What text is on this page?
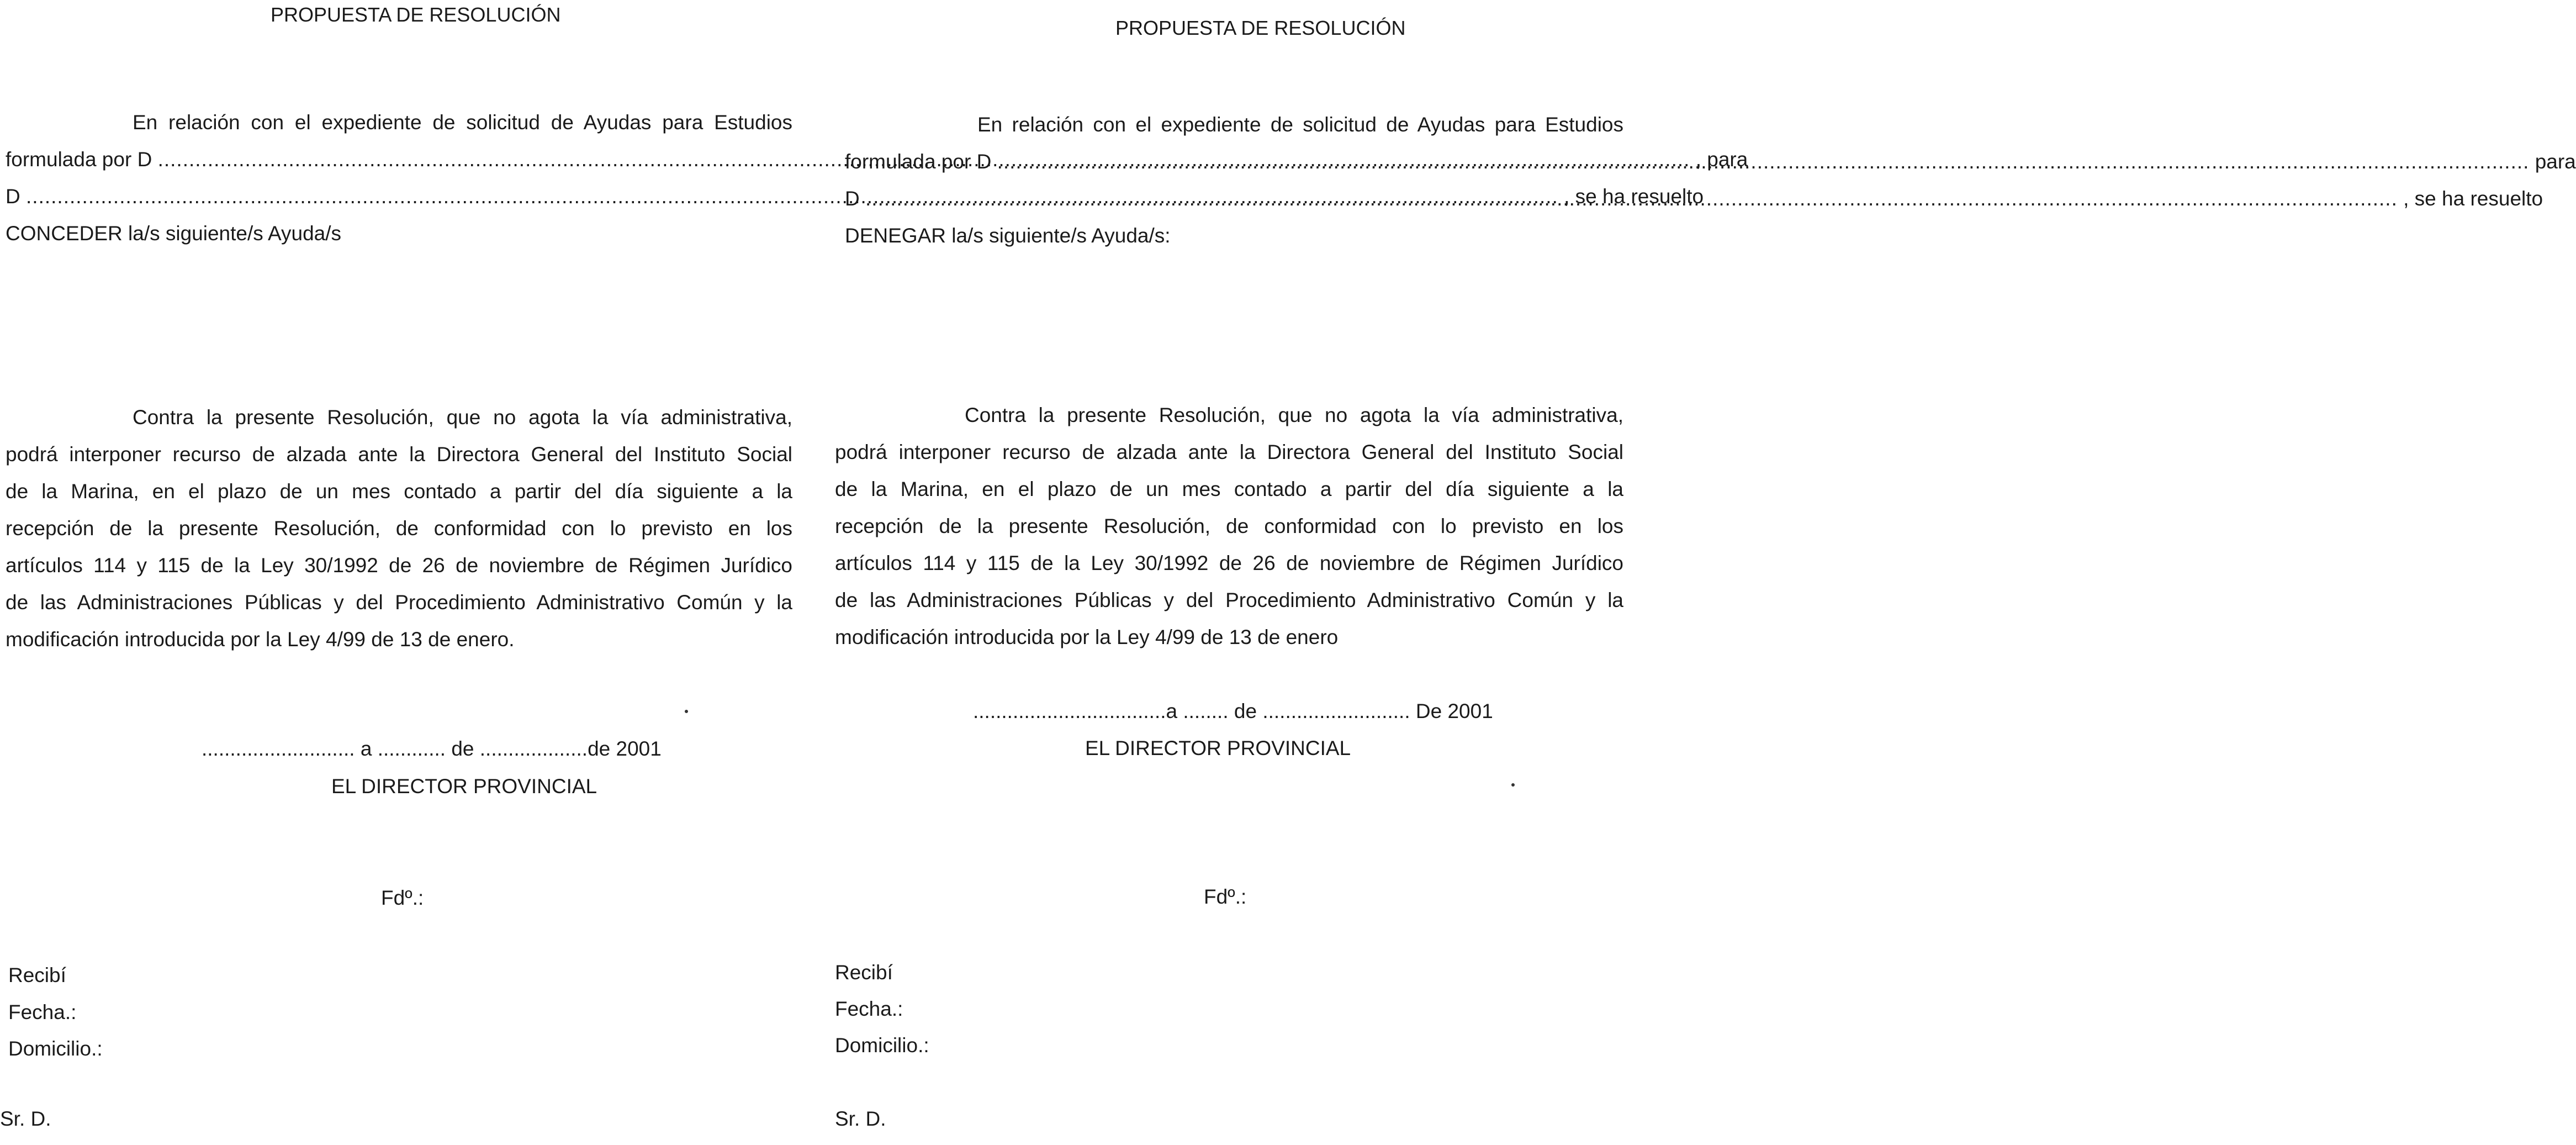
PROPUESTA DE RESOLUCIÓN
En relación con el expediente de solicitud de Ayudas para Estudios
formulada por D .....	, para
D .....	, se ha resuelto
CONCEDER la/s siguiente/s Ayuda/s
Contra la presente Resolución, que no agota la vía administrativa,
podrá interponer recurso de alzada ante la Directora General del Instituto Social
de la Marina, en el plazo de un mes contado a partir del día siguiente a la
recepción de la presente Resolución, de conformidad con lo previsto en los
artículos 114 y 115 de la Ley 30/1992 de 26 de noviembre de Régimen Jurídico
de las Administraciones Públicas y del Procedimiento Administrativo Común y la
modificación introducida por la Ley 4/99 de 13 de enero.
........................... a ............ de ...................de 2001
EL DIRECTOR PROVINCIAL
Fdº.:
Recibí
Fecha.:
Domicilio.:
Sr. D.
PROPUESTA DE RESOLUCIÓN
En relación con el expediente de solicitud de Ayudas para Estudios
formulada por D .....	para
D .....	, se ha resuelto
DENEGAR la/s siguiente/s Ayuda/s:
Contra la presente Resolución, que no agota la vía administrativa,
podrá interponer recurso de alzada ante la Directora General del Instituto Social
de la Marina, en el plazo de un mes contado a partir del día siguiente a la
recepción de la presente Resolución, de conformidad con lo previsto en los
artículos 114 y 115 de la Ley 30/1992 de 26 de noviembre de Régimen Jurídico
de las Administraciones Públicas y del Procedimiento Administrativo Común y la
modificación introducida por la Ley 4/99 de 13 de enero
..................................a ........ de .......................... De 2001
EL DIRECTOR PROVINCIAL
Fdº.:
Recibí
Fecha.:
Domicilio.:
Sr. D.
